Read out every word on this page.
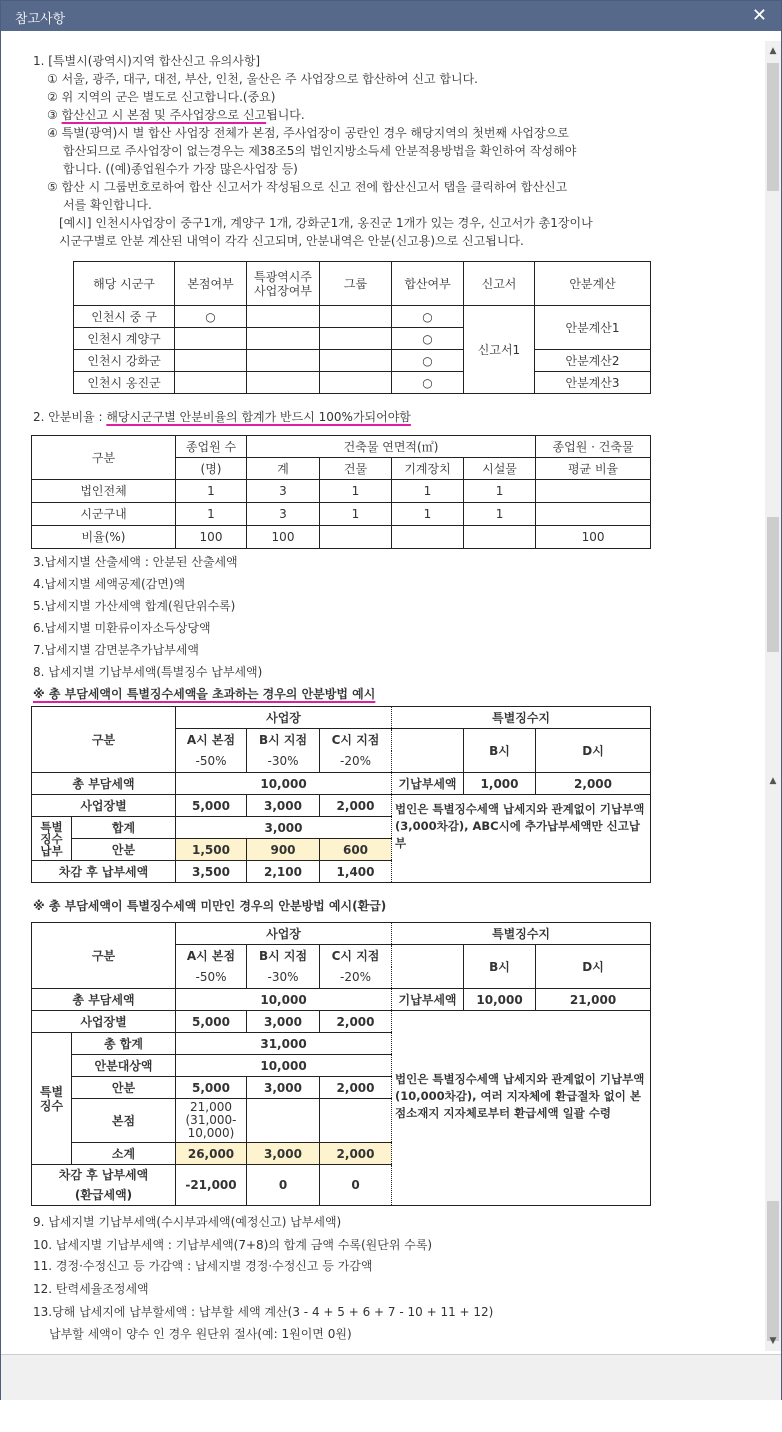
참고사항	✕
1. [특별시(광역시)지역 합산신고 유의사항]
① 서울, 광주, 대구, 대전, 부산, 인천, 울산은 주 사업장으로 합산하여 신고 합니다.
② 위 지역의 군은 별도로 신고합니다.(중요)
③ 합산신고 시 본점 및 주사업장으로 신고됩니다.
④ 특별(광역)시 별 합산 사업장 전체가 본점, 주사업장이 공란인 경우 해당지역의 첫번째 사업장으로
합산되므로 주사업장이 없는경우는 제38조5의 법인지방소득세 안분적용방법을 확인하여 작성해야
합니다. ((예)종업원수가 가장 많은사업장 등)
⑤ 합산 시 그룹번호로하여 합산 신고서가 작성됨으로 신고 전에 합산신고서 탭을 클릭하여 합산신고
서를 확인합니다.
[예시] 인천시사업장이 중구1개, 계양구 1개, 강화군1개, 옹진군 1개가 있는 경우, 신고서가 총1장이나
시군구별로 안분 계산된 내역이 각각 신고되며, 안분내역은 안분(신고용)으로 신고됩니다.
해당 시군구	본점여부	특광역시주
사업장여부	그룹	합산여부	신고서	안분계산
인천시 중 구	○			○	신고서1	안분계산1
인천시 계양구				○		
인천시 강화군				○		안분계산2
인천시 옹진군				○		안분계산3
2. 안분비율 : 해당시군구별 안분비율의 합계가 반드시 100%가되어야함
구분	종업원 수	건축물 연면적(㎡)				종업원 · 건축물
	(명)	계	건물	기계장치	시설물	평균 비율
법인전체	1	3	1	1	1	
시군구내	1	3	1	1	1	
비율(%)	100	100				100
3.납세지별 산출세액 : 안분된 산출세액
4.납세지별 세액공제(감면)액
5.납세지별 가산세액 합계(원단위수록)
6.납세지별 미환류이자소득상당액
7.납세지별 감면분추가납부세액
8. 납세지별 기납부세액(특별징수 납부세액)
※ 총 부담세액이 특별징수세액을 초과하는 경우의 안분방법 예시
구분		사업장			특별징수지		
		A시 본점	B시 지점	C시 지점		B시	D시
		-50%	-30%	-20%			
총 부담세액		10,000			기납부세액	1,000	2,000
사업장별		5,000	3,000	2,000	법인은 특별징수세액 납세지와 관계없이 기납부액(3,000차감), ABC시에 추가납부세액만 신고납부		

특별
징수
납부	합계	3,000					
	안분	1,500	900	600			
차감 후 납부세액		3,500	2,100	1,400			
※ 총 부담세액이 특별징수세액 미만인 경우의 안분방법 예시(환급)
구분		사업장			특별징수지		
		A시 본점	B시 지점	C시 지점		B시	D시
		-50%	-30%	-20%			
총 부담세액		10,000			기납부세액	10,000	21,000
사업장별		5,000	3,000	2,000	법인은 특별징수세액 납세지와 관계없이 기납부액(10,000차감), 여러 지자체에 환급절차 없이 본점소재지 지자체로부터 환급세액 일괄 수령		

특별
징수	총 합계	31,000					
	안분대상액	10,000					
	안분	5,000	3,000	2,000			
	본점	21,000
(31,000-
10,000)					

	소계	26,000	3,000	2,000			

차감 후 납부세액
(환급세액)		-21,000	0	0			
9. 납세지별 기납부세액(수시부과세액(예정신고) 납부세액)
10. 납세지별 기납부세액 : 기납부세액(7+8)의 합계 금액 수록(원단위 수록)
11. 경정·수정신고 등 가감액 : 납세지별 경정·수정신고 등 가감액
12. 탄력세율조정세액
13.당해 납세지에 납부할세액 : 납부할 세액 계산(3 - 4 + 5 + 6 + 7 - 10 + 11 + 12)
납부할 세액이 양수 인 경우 원단위 절사(예: 1원이면 0원)
▲
▲
▼
